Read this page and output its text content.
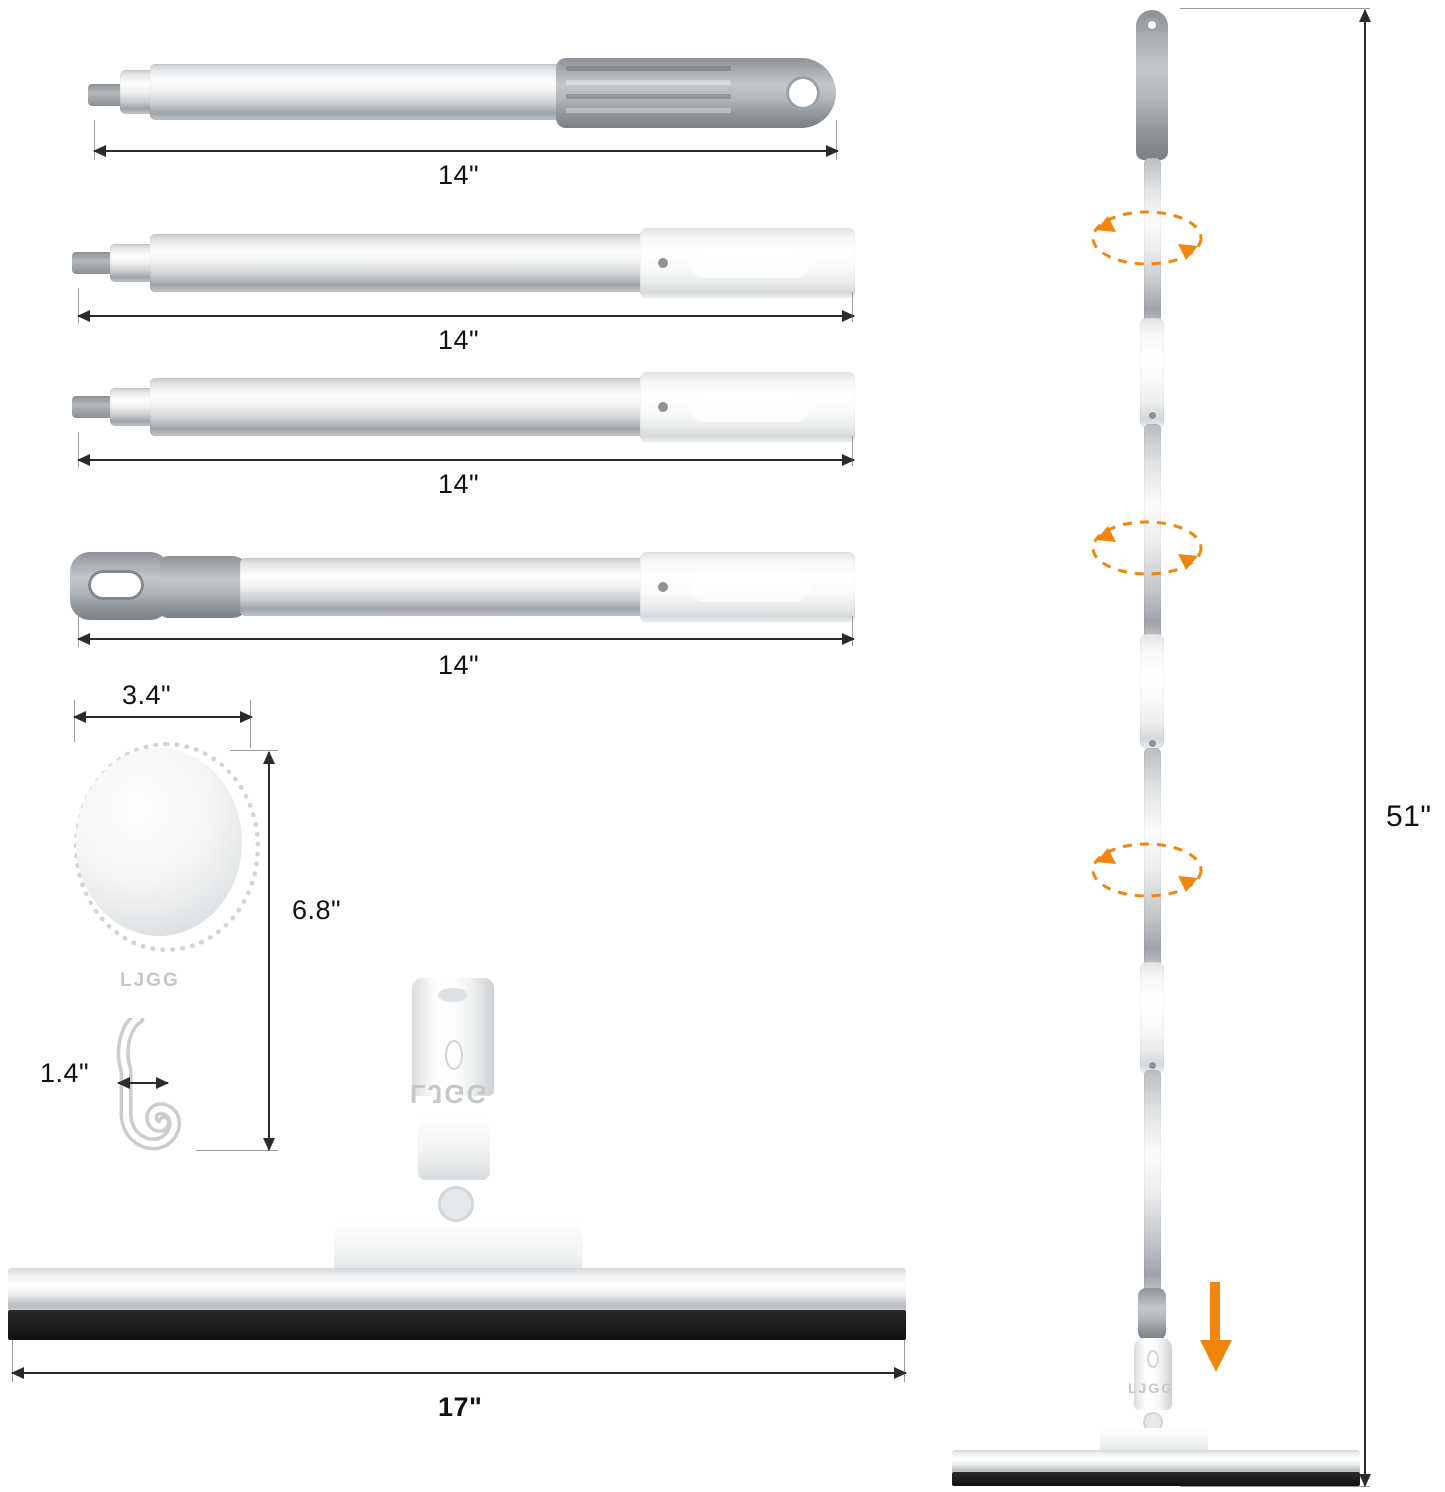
14"
14"
14"
14"
3.4"
LJGG
1.4"
6.8"
LJGG
17"
LJGG
51"
